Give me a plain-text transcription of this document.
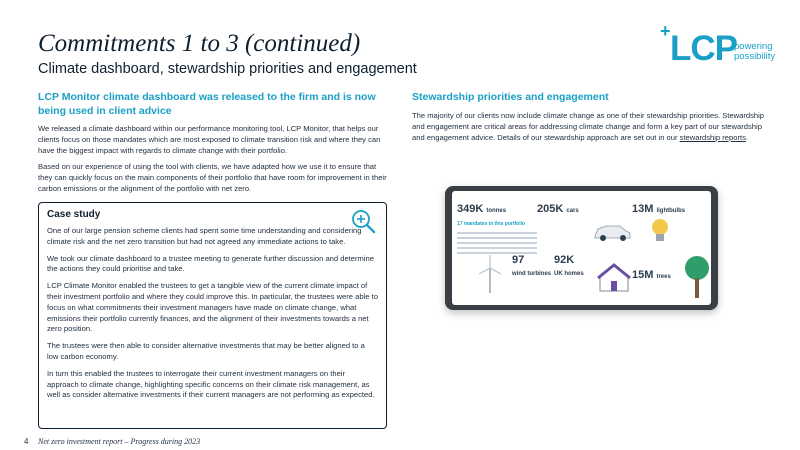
Commitments 1 to 3 (continued)
Climate dashboard, stewardship priorities and engagement
+ LCP
powering
possibility
LCP Monitor climate dashboard was released to the firm and is now being used in client advice

We released a climate dashboard within our performance monitoring tool, LCP Monitor, that helps our clients focus on those mandates which are most exposed to climate transition risk and where they can have the biggest impact with regards to climate change with their portfolio.

Based on our experience of using the tool with clients, we have adapted how we use it to ensure that they can quickly focus on the main components of their portfolio that have room for improvement in their carbon emissions or the alignment of the portfolio with net zero.

Case study

One of our large pension scheme clients had spent some time understanding and considering climate risk and the net zero transition but had not agreed any immediate actions to take.

We took our climate dashboard to a trustee meeting to generate further discussion and determine the actions they could prioritise and take.

LCP Climate Monitor enabled the trustees to get a tangible view of the current climate impact of their investment portfolio and where they could improve this. In particular, the trustees were able to focus on what commitments their investment managers have made on climate change, what emissions their portfolio currently finances, and the alignment of their investments towards a net zero position.

The trustees were then able to consider alternative investments that may be better aligned to a low carbon economy.

In turn this enabled the trustees to interrogate their current investment managers on their approach to climate change, highlighting specific concerns on their climate risk management, as well as consider alternative investments if their current managers are not performing as expected.

Stewardship priorities and engagement

The majority of our clients now include climate change as one of their stewardship priorities. Stewardship and engagement are critical areas for addressing climate change and form a key part of our stewardship and engagement advice. Details of our stewardship approach are set out in our stewardship reports.

349K tonnes	205K cars	13M lightbulbs
17 mandates in this portfolio
97
wind turbines
92K
UK homes	15M trees
4 Net zero investment report – Progress during 2023
